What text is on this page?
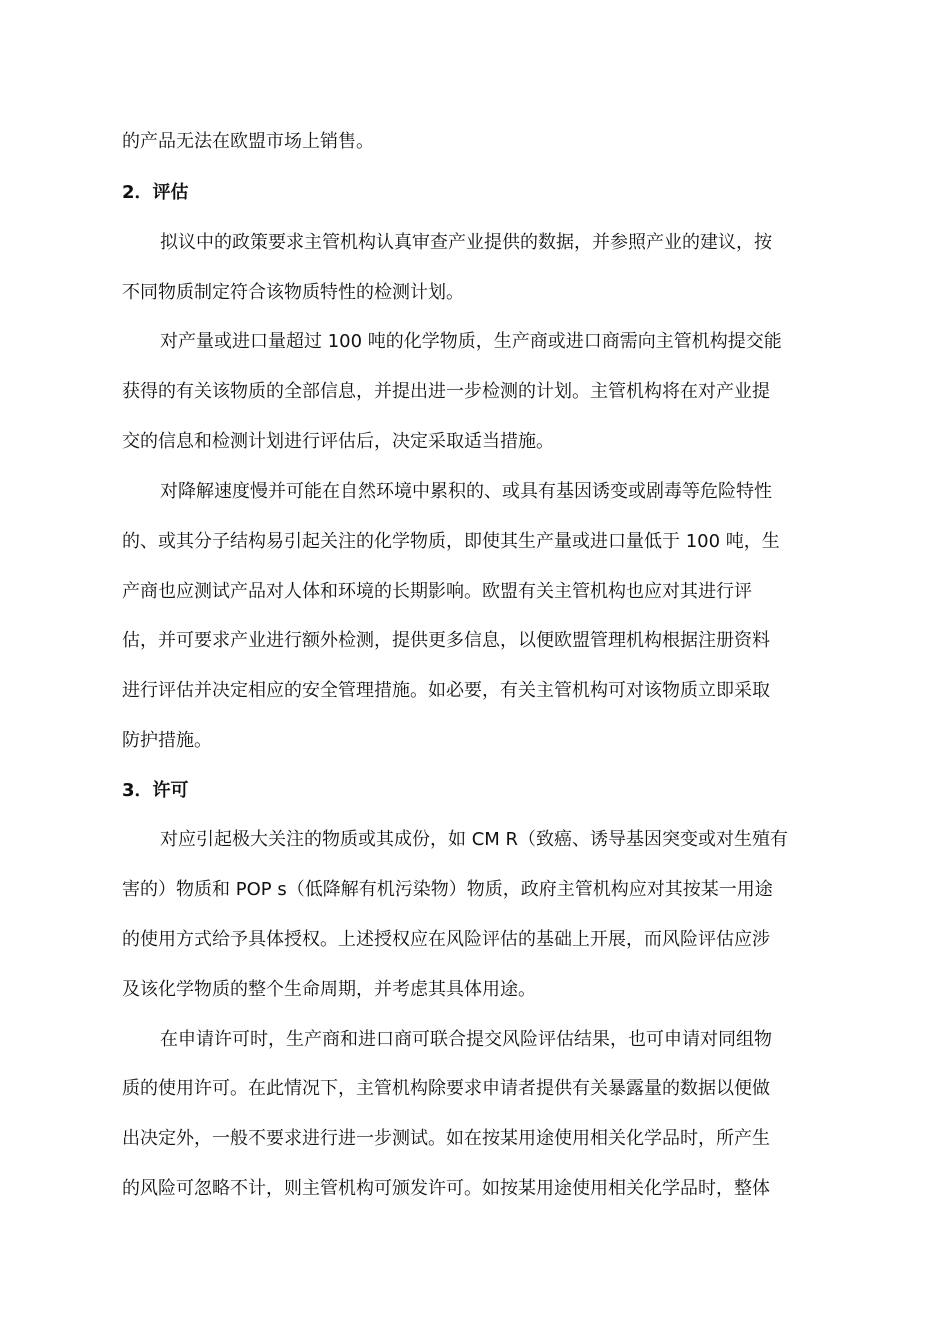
的产品无法在欧盟市场上销售。
2．评估
拟议中的政策要求主管机构认真审查产业提供的数据，并参照产业的建议，按
不同物质制定符合该物质特性的检测计划。
对产量或进口量超过 100 吨的化学物质，生产商或进口商需向主管机构提交能
获得的有关该物质的全部信息，并提出进一步检测的计划。主管机构将在对产业提
交的信息和检测计划进行评估后，决定采取适当措施。
对降解速度慢并可能在自然环境中累积的、或具有基因诱变或剧毒等危险特性
的、或其分子结构易引起关注的化学物质，即使其生产量或进口量低于 100 吨，生
产商也应测试产品对人体和环境的长期影响。欧盟有关主管机构也应对其进行评
估，并可要求产业进行额外检测，提供更多信息，以便欧盟管理机构根据注册资料
进行评估并决定相应的安全管理措施。如必要，有关主管机构可对该物质立即采取
防护措施。
3．许可
对应引起极大关注的物质或其成份，如 CM R（致癌、诱导基因突变或对生殖有
害的）物质和 POP s（低降解有机污染物）物质，政府主管机构应对其按某一用途
的使用方式给予具体授权。上述授权应在风险评估的基础上开展，而风险评估应涉
及该化学物质的整个生命周期，并考虑其具体用途。
在申请许可时，生产商和进口商可联合提交风险评估结果，也可申请对同组物
质的使用许可。在此情况下，主管机构除要求申请者提供有关暴露量的数据以便做
出决定外，一般不要求进行进一步测试。如在按某用途使用相关化学品时，所产生
的风险可忽略不计，则主管机构可颁发许可。如按某用途使用相关化学品时，整体
